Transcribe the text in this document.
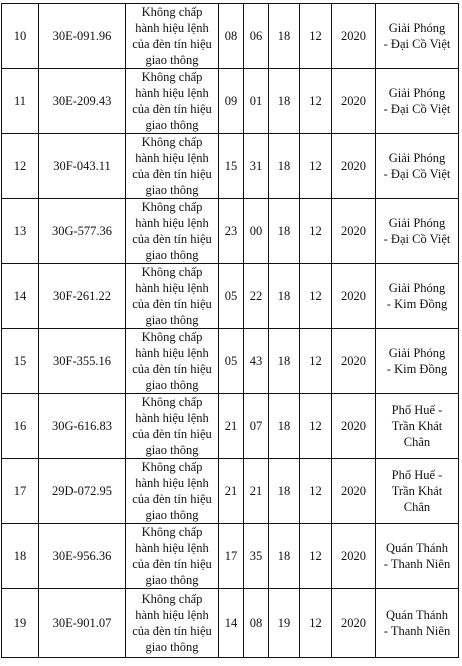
10	30E-091.96	Không chấp
hành hiệu lệnh
của đèn tín hiệu
giao thông	08	06	18	12	2020	Giải Phóng
- Đại Cồ Việt

11	30E-209.43	Không chấp
hành hiệu lệnh
của đèn tín hiệu
giao thông	09	01	18	12	2020	Giải Phóng
- Đại Cồ Việt

12	30F-043.11	Không chấp
hành hiệu lệnh
của đèn tín hiệu
giao thông	15	31	18	12	2020	Giải Phóng
- Đại Cồ Việt

13	30G-577.36	Không chấp
hành hiệu lệnh
của đèn tín hiệu
giao thông	23	00	18	12	2020	Giải Phóng
- Đại Cồ Việt

14	30F-261.22	Không chấp
hành hiệu lệnh
của đèn tín hiệu
giao thông	05	22	18	12	2020	Giải Phóng
- Kim Đồng

15	30F-355.16	Không chấp
hành hiệu lệnh
của đèn tín hiệu
giao thông	05	43	18	12	2020	Giải Phóng
- Kim Đồng

16	30G-616.83	Không chấp
hành hiệu lệnh
của đèn tín hiệu
giao thông	21	07	18	12	2020	Phố Huế -
Trần Khát
Chân

17	29D-072.95	Không chấp
hành hiệu lệnh
của đèn tín hiệu
giao thông	21	21	18	12	2020	Phố Huế -
Trần Khát
Chân

18	30E-956.36	Không chấp
hành hiệu lệnh
của đèn tín hiệu
giao thông	17	35	18	12	2020	Quán Thánh
- Thanh Niên

19	30E-901.07	Không chấp
hành hiệu lệnh
của đèn tín hiệu
giao thông	14	08	19	12	2020	Quán Thánh
- Thanh Niên
